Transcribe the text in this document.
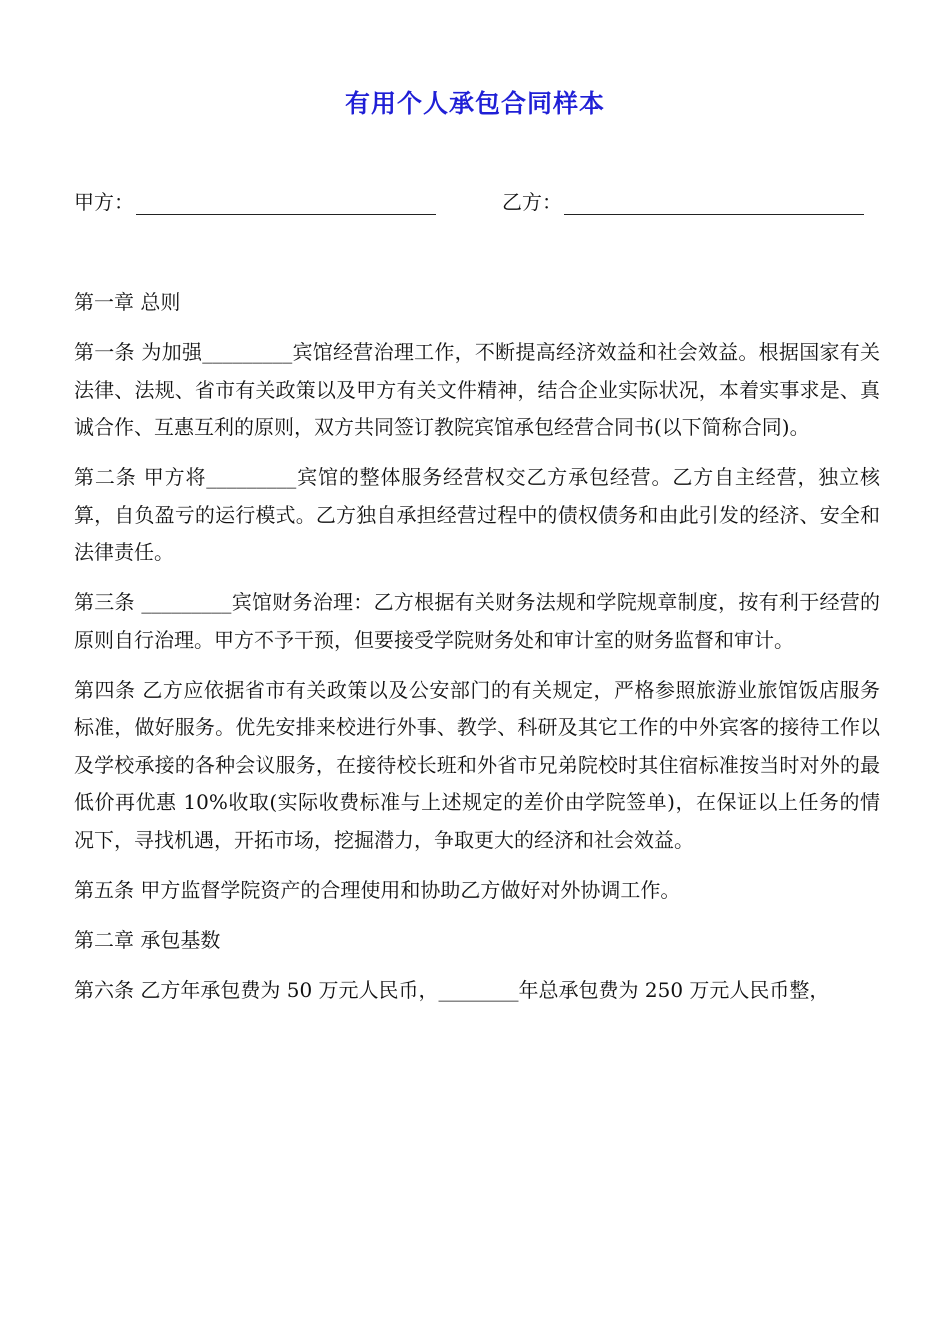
有用个人承包合同样本
甲方：	乙方：

第一章 总则

第一条 为加强_________宾馆经营治理工作，不断提高经济效益和社会效益。根据国家有关法律、法规、省市有关政策以及甲方有关文件精神，结合企业实际状况，本着实事求是、真诚合作、互惠互利的原则，双方共同签订教院宾馆承包经营合同书(以下简称合同)。

第二条 甲方将_________宾馆的整体服务经营权交乙方承包经营。乙方自主经营，独立核算，自负盈亏的运行模式。乙方独自承担经营过程中的债权债务和由此引发的经济、安全和法律责任。

第三条 _________宾馆财务治理：乙方根据有关财务法规和学院规章制度，按有利于经营的原则自行治理。甲方不予干预，但要接受学院财务处和审计室的财务监督和审计。

第四条 乙方应依据省市有关政策以及公安部门的有关规定，严格参照旅游业旅馆饭店服务标准，做好服务。优先安排来校进行外事、教学、科研及其它工作的中外宾客的接待工作以及学校承接的各种会议服务，在接待校长班和外省市兄弟院校时其住宿标准按当时对外的最低价再优惠 10%收取(实际收费标准与上述规定的差价由学院签单)，在保证以上任务的情况下，寻找机遇，开拓市场，挖掘潜力，争取更大的经济和社会效益。

第五条 甲方监督学院资产的合理使用和协助乙方做好对外协调工作。

第二章 承包基数

第六条 乙方年承包费为 50 万元人民币，________年总承包费为 250 万元人民币整，
